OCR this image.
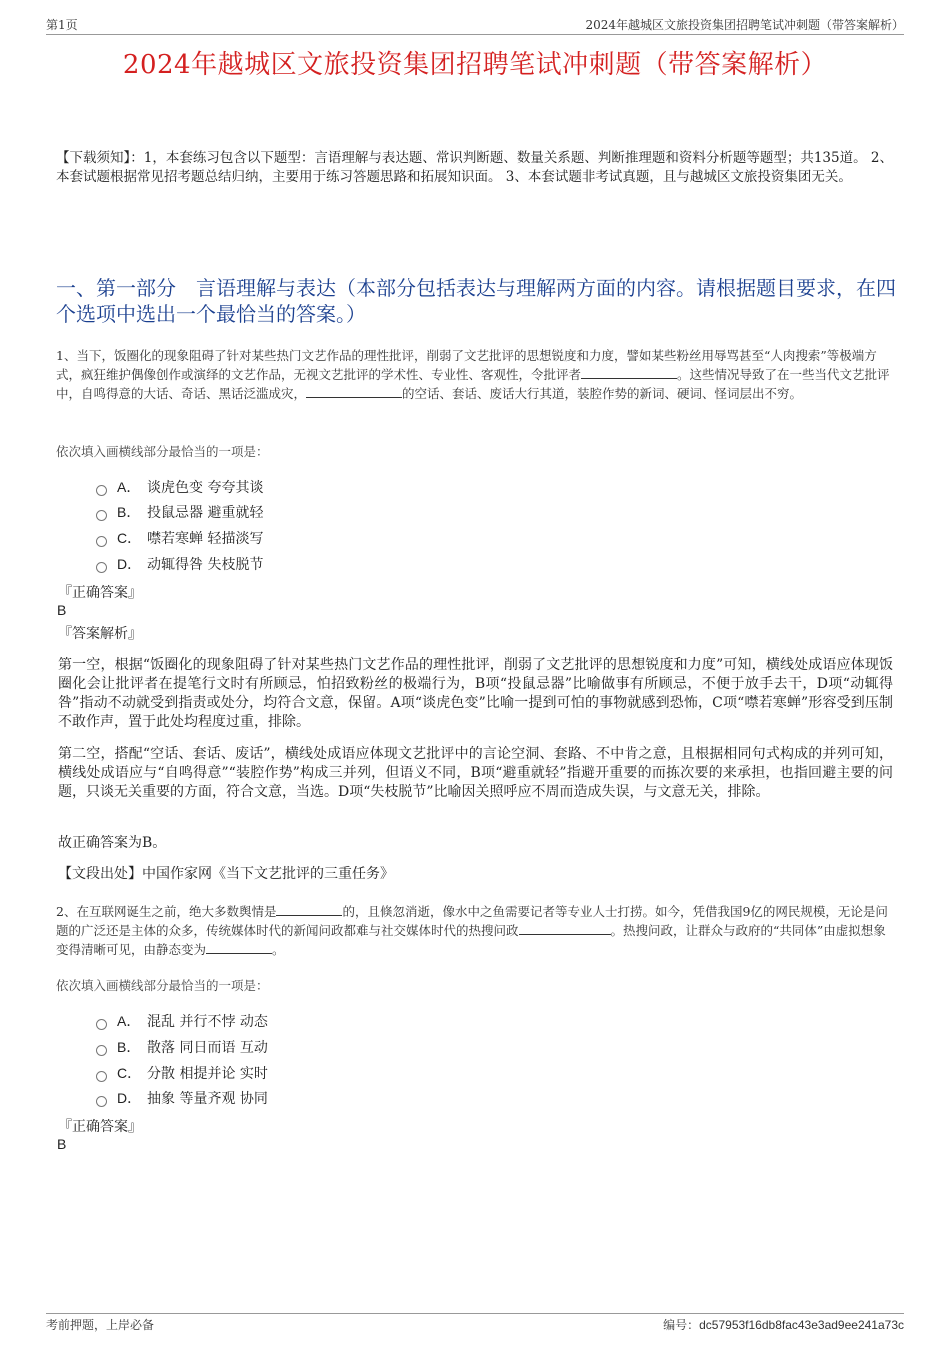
第1页	2024年越城区文旅投资集团招聘笔试冲刺题（带答案解析）
2024年越城区文旅投资集团招聘笔试冲刺题（带答案解析）
【下载须知】：1，本套练习包含以下题型：言语理解与表达题、常识判断题、数量关系题、判断推理题和资料分析题等题型；共135道。 2、本套试题根据常见招考题总结归纳，主要用于练习答题思路和拓展知识面。 3、本套试题非考试真题，且与越城区文旅投资集团无关。
一、第一部分　言语理解与表达（本部分包括表达与理解两方面的内容。请根据题目要求，在四个选项中选出一个最恰当的答案。）
1、当下，饭圈化的现象阻碍了针对某些热门文艺作品的理性批评，削弱了文艺批评的思想锐度和力度，譬如某些粉丝用辱骂甚至“人肉搜索”等极端方式，疯狂维护偶像创作或演绎的文艺作品，无视文艺批评的学术性、专业性、客观性，令批评者	。这些情况导致了在一些当代文艺批评中，自鸣得意的大话、奇话、黑话泛滥成灾，	的空话、套话、废话大行其道，装腔作势的新词、硬词、怪词层出不穷。
依次填入画横线部分最恰当的一项是：
A． 谈虎色变 夸夸其谈
B． 投鼠忌器 避重就轻
C． 噤若寒蝉 轻描淡写
D． 动辄得咎 失枝脱节
『正确答案』
B
『答案解析』
第一空，根据“饭圈化的现象阻碍了针对某些热门文艺作品的理性批评，削弱了文艺批评的思想锐度和力度”可知，横线处成语应体现饭圈化会让批评者在提笔行文时有所顾忌，怕招致粉丝的极端行为，B项“投鼠忌器”比喻做事有所顾忌，不便于放手去干，D项“动辄得咎”指动不动就受到指责或处分，均符合文意，保留。A项“谈虎色变”比喻一提到可怕的事物就感到恐怖，C项“噤若寒蝉”形容受到压制不敢作声，置于此处均程度过重，排除。
第二空，搭配“空话、套话、废话”，横线处成语应体现文艺批评中的言论空洞、套路、不中肯之意，且根据相同句式构成的并列可知，横线处成语应与“自鸣得意”“装腔作势”构成三并列，但语义不同，B项“避重就轻”指避开重要的而拣次要的来承担，也指回避主要的问题，只谈无关重要的方面，符合文意，当选。D项“失枝脱节”比喻因关照呼应不周而造成失误，与文意无关，排除。
故正确答案为B。
【文段出处】中国作家网《当下文艺批评的三重任务》
2、在互联网诞生之前，绝大多数舆情是	的，且倏忽消逝，像水中之鱼需要记者等专业人士打捞。如今，凭借我国9亿的网民规模，无论是问题的广泛还是主体的众多，传统媒体时代的新闻问政都难与社交媒体时代的热搜问政	。热搜问政，让群众与政府的“共同体”由虚拟想象变得清晰可见，由静态变为	。
依次填入画横线部分最恰当的一项是：
A． 混乱 并行不悖 动态
B． 散落 同日而语 互动
C． 分散 相提并论 实时
D． 抽象 等量齐观 协同
『正确答案』
B
考前押题，上岸必备	编号：dc57953f16db8fac43e3ad9ee241a73c
